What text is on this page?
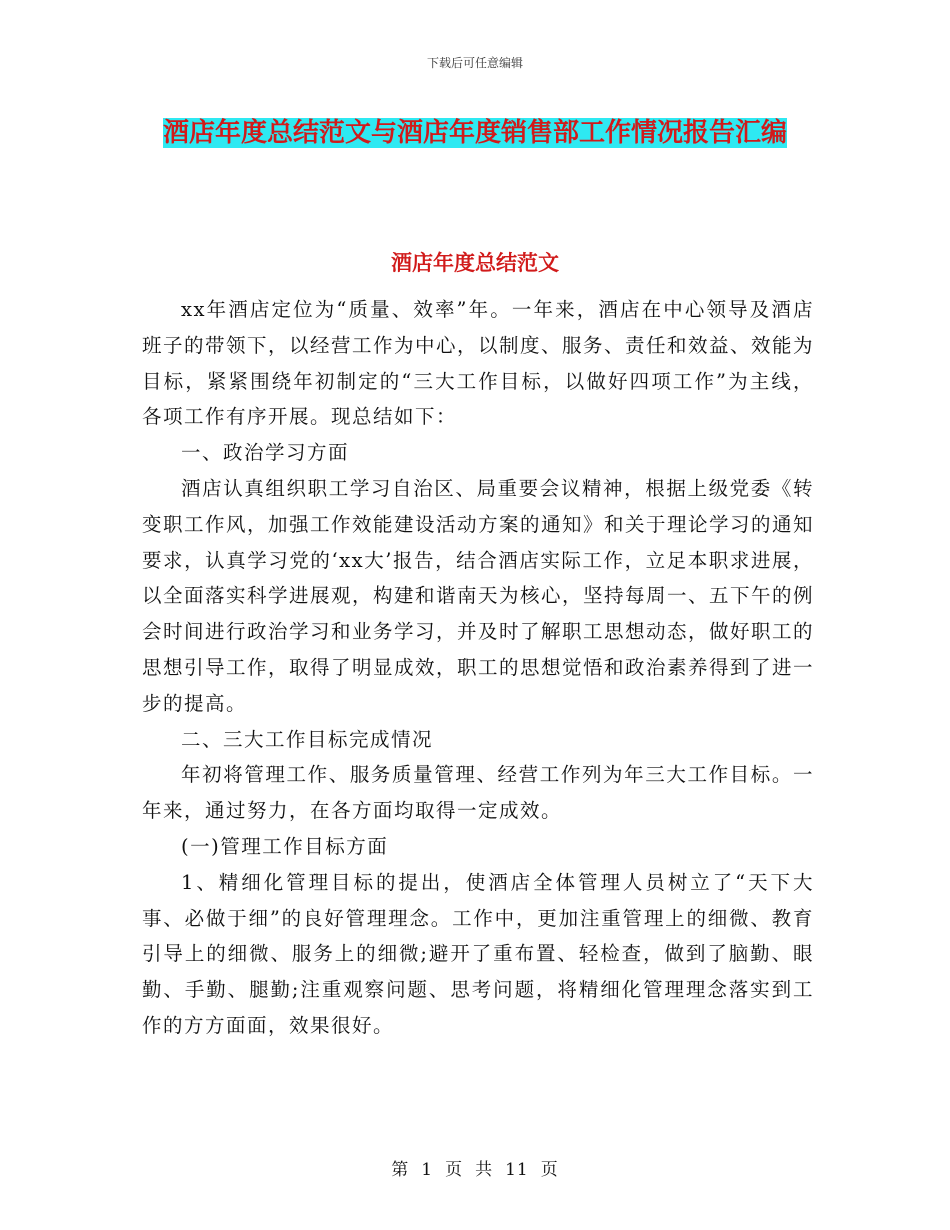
下载后可任意编辑
酒店年度总结范文与酒店年度销售部工作情况报告汇编
酒店年度总结范文

xx年酒店定位为“质量、效率”年。一年来，酒店在中心领导及酒店班子的带领下，以经营工作为中心，以制度、服务、责任和效益、效能为目标，紧紧围绕年初制定的“三大工作目标，以做好四项工作”为主线，各项工作有序开展。现总结如下：

一、政治学习方面

酒店认真组织职工学习自治区、局重要会议精神，根据上级党委《转变职工作风，加强工作效能建设活动方案的通知》和关于理论学习的通知要求，认真学习党的‘xx大’报告，结合酒店实际工作，立足本职求进展，以全面落实科学进展观，构建和谐南天为核心，坚持每周一、五下午的例会时间进行政治学习和业务学习，并及时了解职工思想动态，做好职工的思想引导工作，取得了明显成效，职工的思想觉悟和政治素养得到了进一步的提高。

二、三大工作目标完成情况

年初将管理工作、服务质量管理、经营工作列为年三大工作目标。一年来，通过努力，在各方面均取得一定成效。

(一)管理工作目标方面

1、精细化管理目标的提出，使酒店全体管理人员树立了“天下大事、必做于细”的良好管理理念。工作中，更加注重管理上的细微、教育引导上的细微、服务上的细微;避开了重布置、轻检查，做到了脑勤、眼勤、手勤、腿勤;注重观察问题、思考问题，将精细化管理理念落实到工作的方方面面，效果很好。

第 1 页 共 11 页
